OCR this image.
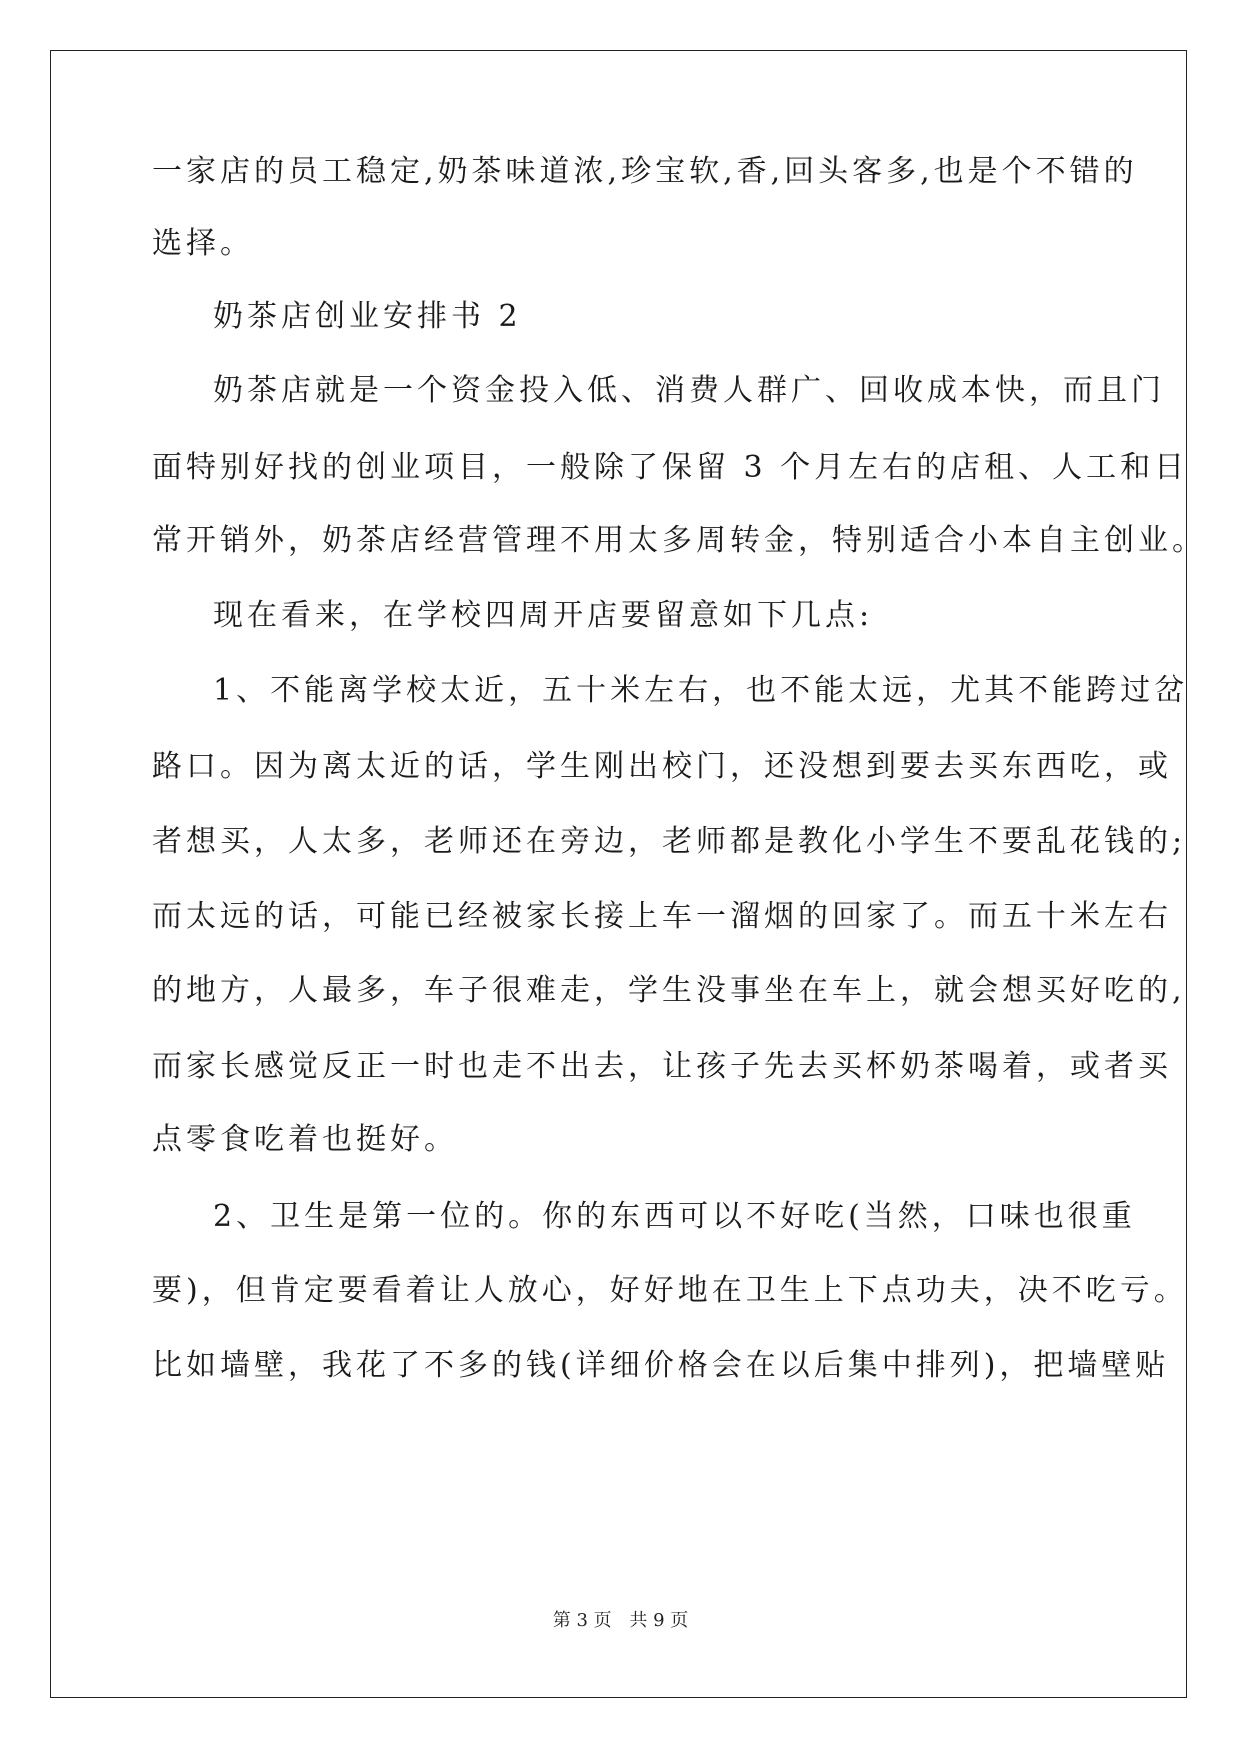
一家店的员工稳定,奶茶味道浓,珍宝软,香,回头客多,也是个不错的
选择。
奶茶店创业安排书 2
奶茶店就是一个资金投入低、消费人群广、回收成本快，而且门
面特别好找的创业项目，一般除了保留 3 个月左右的店租、人工和日
常开销外，奶茶店经营管理不用太多周转金，特别适合小本自主创业。
现在看来，在学校四周开店要留意如下几点:
1、不能离学校太近，五十米左右，也不能太远，尤其不能跨过岔
路口。因为离太近的话，学生刚出校门，还没想到要去买东西吃，或
者想买，人太多，老师还在旁边，老师都是教化小学生不要乱花钱的;
而太远的话，可能已经被家长接上车一溜烟的回家了。而五十米左右
的地方，人最多，车子很难走，学生没事坐在车上，就会想买好吃的,
而家长感觉反正一时也走不出去，让孩子先去买杯奶茶喝着，或者买
点零食吃着也挺好。
2、卫生是第一位的。你的东西可以不好吃(当然，口味也很重
要)，但肯定要看着让人放心，好好地在卫生上下点功夫，决不吃亏。
比如墙壁，我花了不多的钱(详细价格会在以后集中排列)，把墙壁贴
第 3 页 共 9 页
